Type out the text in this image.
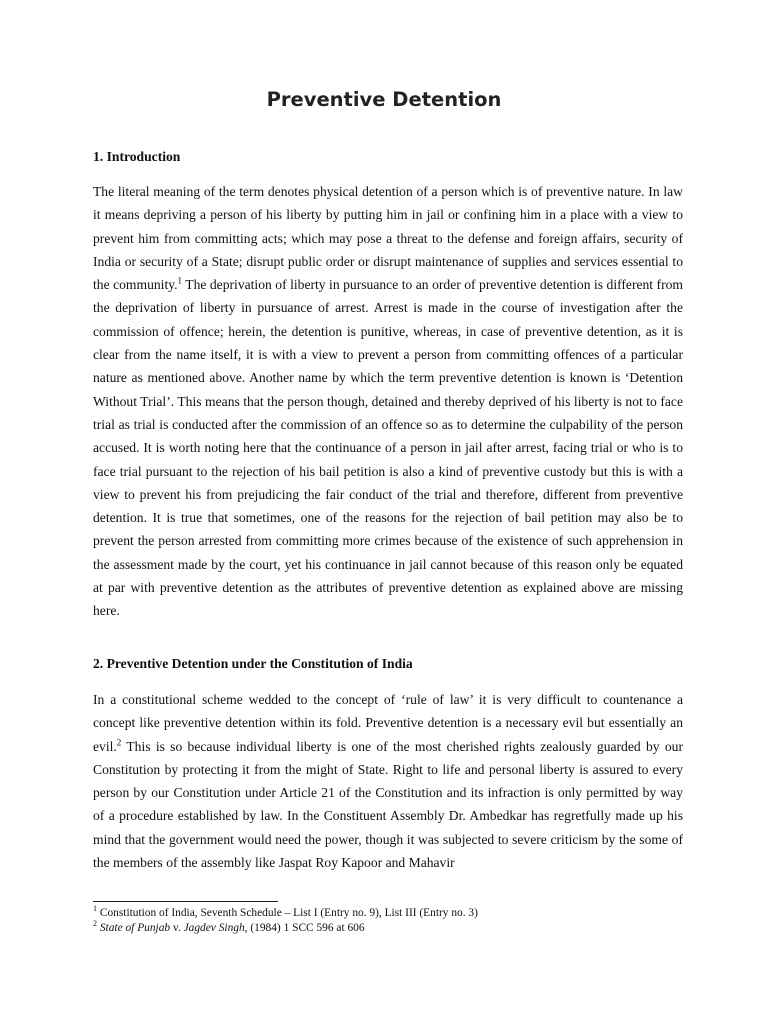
Preventive Detention
1. Introduction

The literal meaning of the term denotes physical detention of a person which is of preventive nature. In law it means depriving a person of his liberty by putting him in jail or confining him in a place with a view to prevent him from committing acts; which may pose a threat to the defense and foreign affairs, security of India or security of a State; disrupt public order or disrupt maintenance of supplies and services essential to the community.$^1$ The deprivation of liberty in pursuance to an order of preventive detention is different from the deprivation of liberty in pursuance of arrest. Arrest is made in the course of investigation after the commission of offence; herein, the detention is punitive, whereas, in case of preventive detention, as it is clear from the name itself, it is with a view to prevent a person from committing offences of a particular nature as mentioned above. Another name by which the term preventive detention is known is ‘Detention Without Trial’. This means that the person though, detained and thereby deprived of his liberty is not to face trial as trial is conducted after the commission of an offence so as to determine the culpability of the person accused. It is worth noting here that the continuance of a person in jail after arrest, facing trial or who is to face trial pursuant to the rejection of his bail petition is also a kind of preventive custody but this is with a view to prevent his from prejudicing the fair conduct of the trial and therefore, different from preventive detention. It is true that sometimes, one of the reasons for the rejection of bail petition may also be to prevent the person arrested from committing more crimes because of the existence of such apprehension in the assessment made by the court, yet his continuance in jail cannot because of this reason only be equated at par with preventive detention as the attributes of preventive detention as explained above are missing here.

2. Preventive Detention under the Constitution of India

In a constitutional scheme wedded to the concept of ‘rule of law’ it is very difficult to countenance a concept like preventive detention within its fold. Preventive detention is a necessary evil but essentially an evil.$^2$ This is so because individual liberty is one of the most cherished rights zealously guarded by our Constitution by protecting it from the might of State. Right to life and personal liberty is assured to every person by our Constitution under Article 21 of the Constitution and its infraction is only permitted by way of a procedure established by law. In the Constituent Assembly Dr. Ambedkar has regretfully made up his mind that the government would need the power, though it was subjected to severe criticism by the some of the members of the assembly like Jaspat Roy Kapoor and Mahavir

$^1$ Constitution of India, Seventh Schedule – List I (Entry no. 9), List III (Entry no. 3)
$^2$ State of Punjab v. Jagdev Singh, (1984) 1 SCC 596 at 606
